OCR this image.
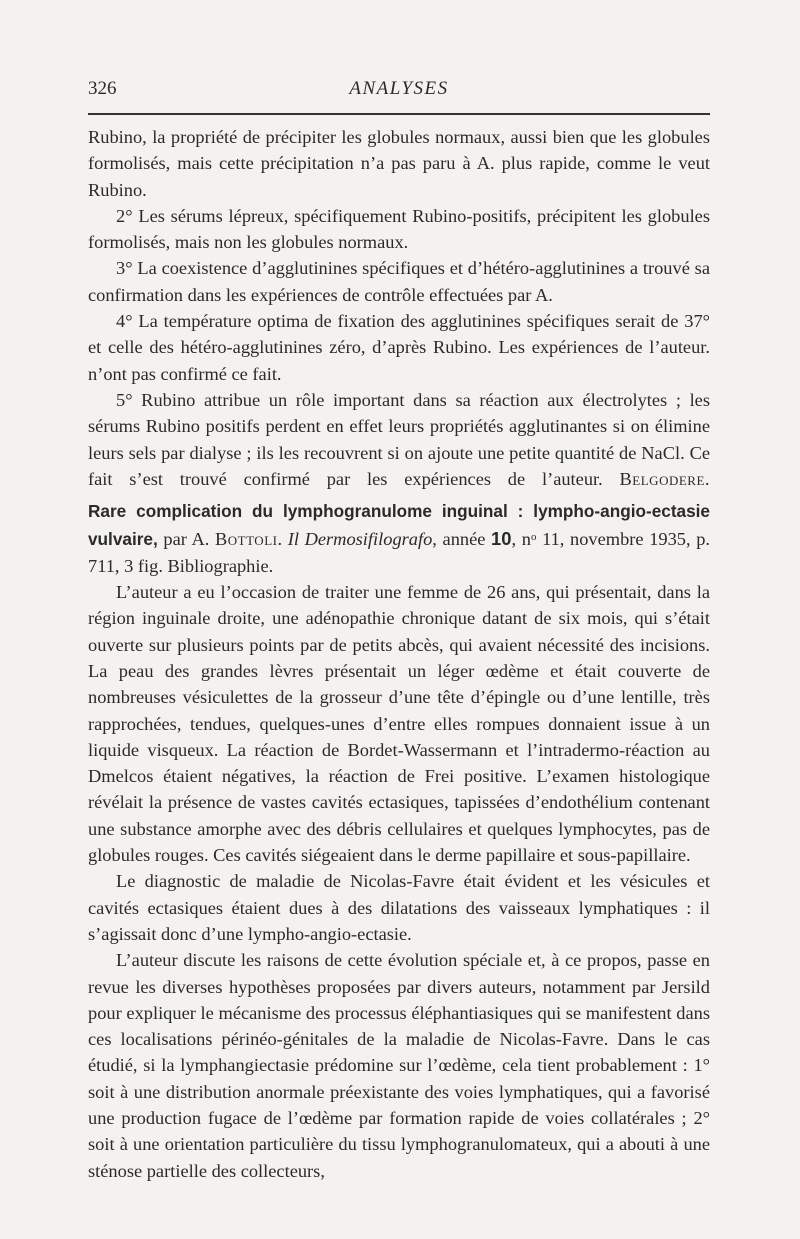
326	ANALYSES

Rubino, la propriété de précipiter les globules normaux, aussi bien que les globules formolisés, mais cette précipitation n’a pas paru à A. plus rapide, comme le veut Rubino.

2° Les sérums lépreux, spécifiquement Rubino-positifs, précipitent les globules formolisés, mais non les globules normaux.

3° La coexistence d’agglutinines spécifiques et d’hétéro-agglutinines a trouvé sa confirmation dans les expériences de contrôle effectuées par A.

4° La température optima de fixation des agglutinines spécifiques serait de 37° et celle des hétéro-agglutinines zéro, d’après Rubino. Les expériences de l’auteur. n’ont pas confirmé ce fait.

5° Rubino attribue un rôle important dans sa réaction aux électrolytes ; les sérums Rubino positifs perdent en effet leurs propriétés agglutinantes si on élimine leurs sels par dialyse ; ils les recouvrent si on ajoute une petite quantité de NaCl. Ce fait s’est trouvé confirmé par les expériences de l’auteur. Belgodere.

Rare complication du lymphogranulome inguinal : lympho-angio-ectasie vulvaire, par A. Bottoli. Il Dermosifilografo, année 10, $n^o$ 11, novembre 1935, p. 711, 3 fig. Bibliographie.

L’auteur a eu l’occasion de traiter une femme de 26 ans, qui présentait, dans la région inguinale droite, une adénopathie chronique datant de six mois, qui s’était ouverte sur plusieurs points par de petits abcès, qui avaient nécessité des incisions. La peau des grandes lèvres présentait un léger œdème et était couverte de nombreuses vésiculettes de la grosseur d’une tête d’épingle ou d’une lentille, très rapprochées, tendues, quelques-unes d’entre elles rompues donnaient issue à un liquide visqueux. La réaction de Bordet-Wassermann et l’intradermo-réaction au Dmelcos étaient négatives, la réaction de Frei positive. L’examen histologique révélait la présence de vastes cavités ectasiques, tapissées d’endothélium contenant une substance amorphe avec des débris cellulaires et quelques lymphocytes, pas de globules rouges. Ces cavités siégeaient dans le derme papillaire et sous-papillaire.

Le diagnostic de maladie de Nicolas-Favre était évident et les vésicules et cavités ectasiques étaient dues à des dilatations des vaisseaux lymphatiques : il s’agissait donc d’une lympho-angio-ectasie.

L’auteur discute les raisons de cette évolution spéciale et, à ce propos, passe en revue les diverses hypothèses proposées par divers auteurs, notamment par Jersild pour expliquer le mécanisme des processus éléphantiasiques qui se manifestent dans ces localisations périnéo-génitales de la maladie de Nicolas-Favre. Dans le cas étudié, si la lymphangiectasie prédomine sur l’œdème, cela tient probablement : 1° soit à une distribution anormale préexistante des voies lymphatiques, qui a favorisé une production fugace de l’œdème par formation rapide de voies collatérales ; 2° soit à une orientation particulière du tissu lymphogranulomateux, qui a abouti à une sténose partielle des collecteurs,
